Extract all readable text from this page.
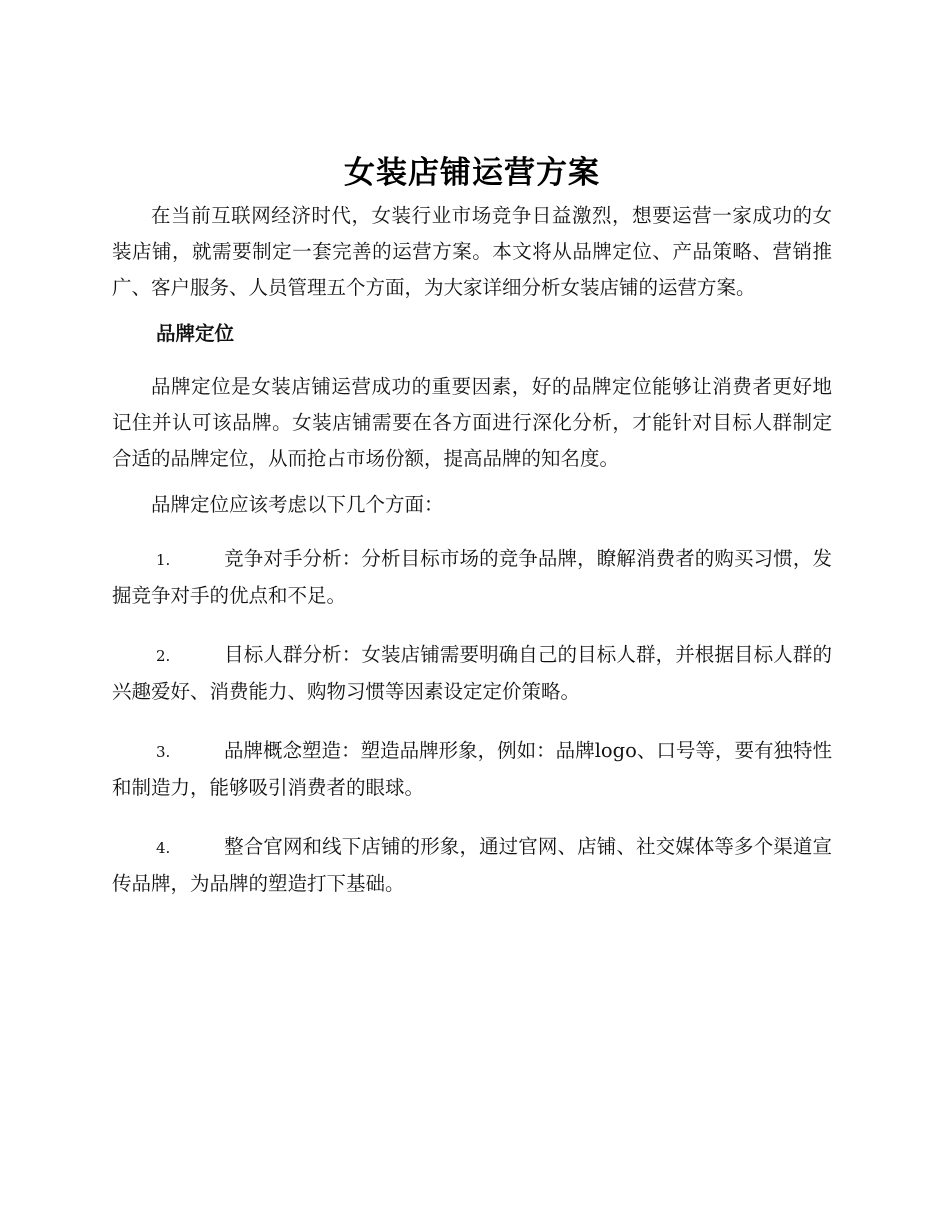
女装店铺运营方案

在当前互联网经济时代，女装行业市场竞争日益激烈，想要运营一家成功的女装店铺，就需要制定一套完善的运营方案。本文将从品牌定位、产品策略、营销推广、客户服务、人员管理五个方面，为大家详细分析女装店铺的运营方案。

品牌定位

品牌定位是女装店铺运营成功的重要因素，好的品牌定位能够让消费者更好地记住并认可该品牌。女装店铺需要在各方面进行深化分析，才能针对目标人群制定合适的品牌定位，从而抢占市场份额，提高品牌的知名度。

品牌定位应该考虑以下几个方面：

1.	竞争对手分析：分析目标市场的竞争品牌，瞭解消费者的购买习惯，发掘竞争对手的优点和不足。
2.	目标人群分析：女装店铺需要明确自己的目标人群，并根据目标人群的兴趣爱好、消费能力、购物习惯等因素设定定价策略。
3.	品牌概念塑造：塑造品牌形象，例如：品牌logo、口号等，要有独特性和制造力，能够吸引消费者的眼球。
4.	整合官网和线下店铺的形象，通过官网、店铺、社交媒体等多个渠道宣传品牌，为品牌的塑造打下基础。
